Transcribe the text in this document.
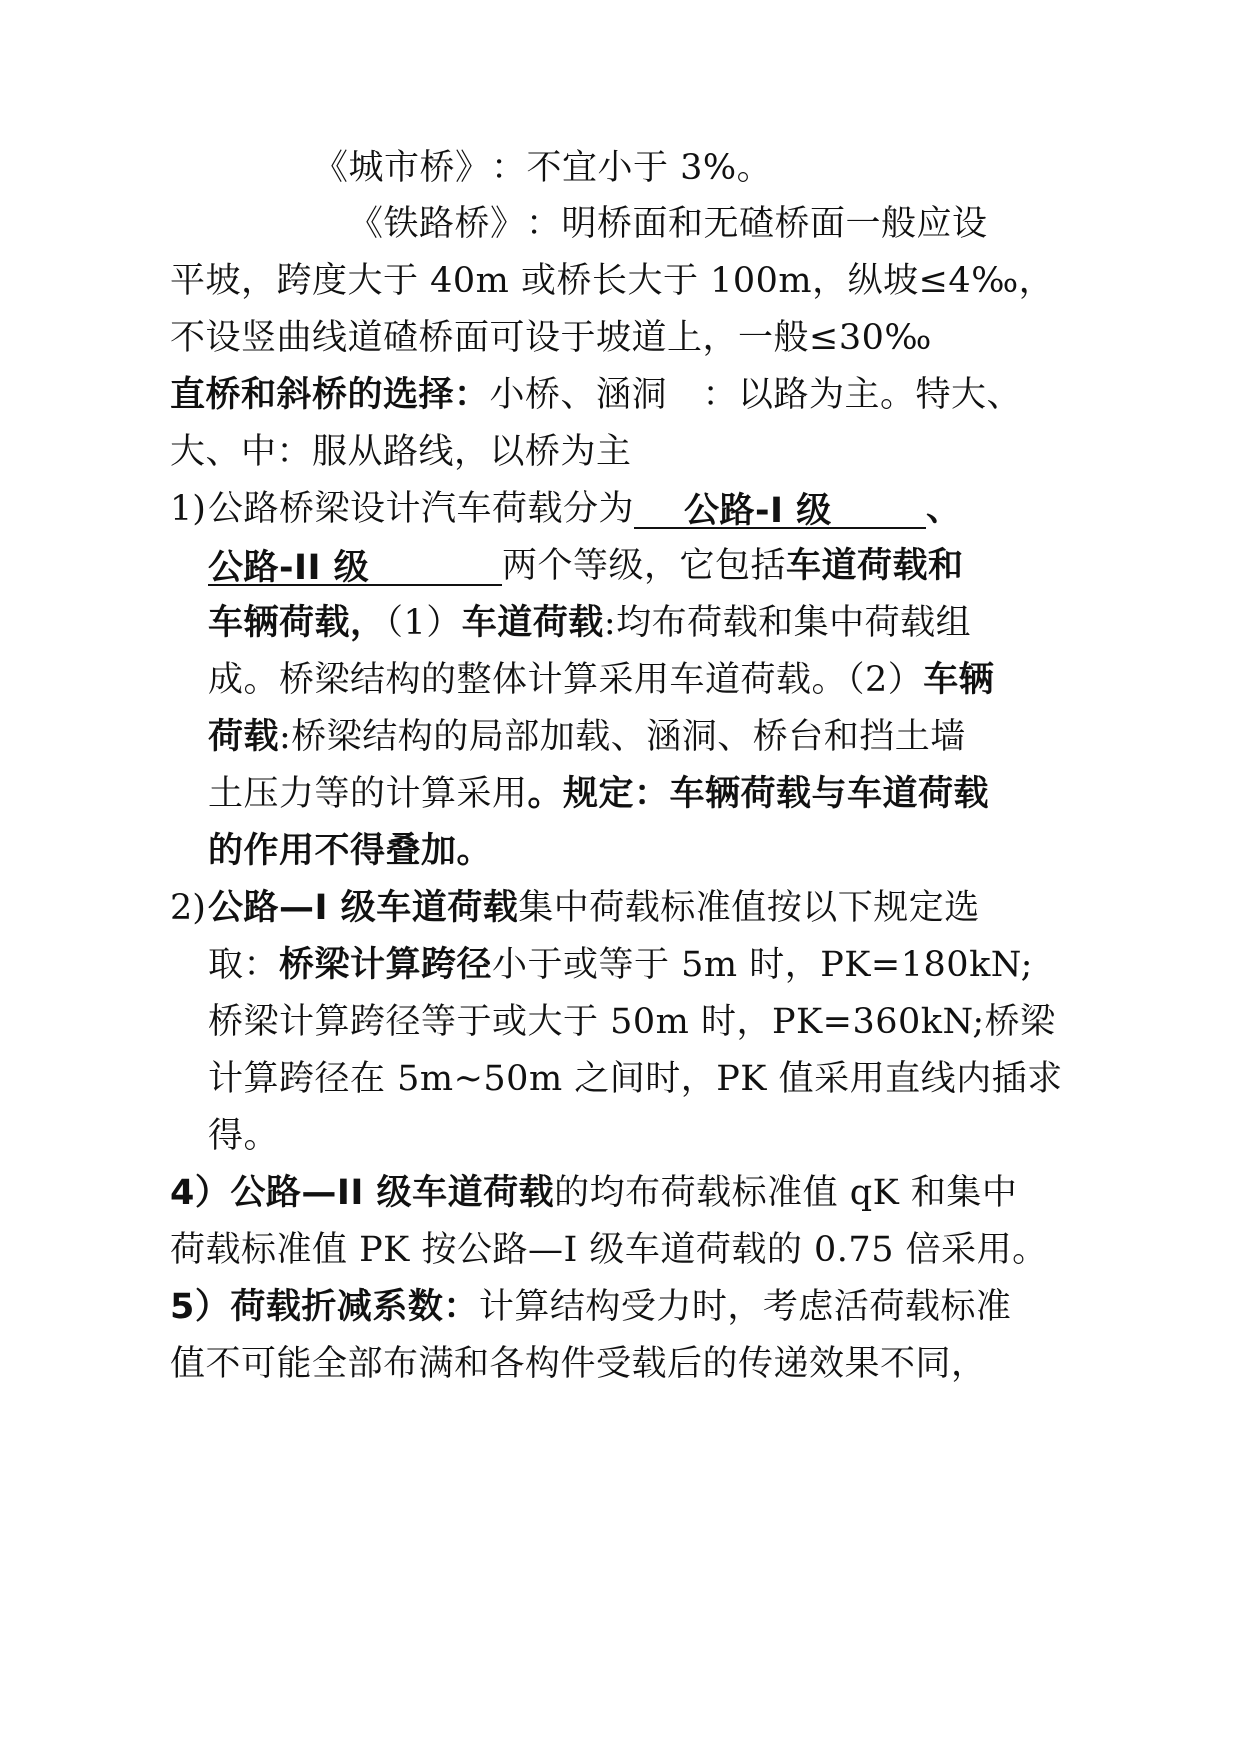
《城市桥》 ：不宜小于 3%。
《铁路桥》 ：明桥面和无碴桥面一般应设
平坡，跨度大于 40m 或桥长大于 100m，纵坡≤4‰，
不设竖曲线道碴桥面可设于坡道上，一般≤30‰
直桥和斜桥的选择：小桥、涵洞　：以路为主。特大、
大、中：服从路线，以桥为主
1) 公路桥梁设计汽车荷载分为 公路-I 级	、
公路-II 级	两个等级，它包括车道荷载和
车辆荷载，（1）车道荷载:均布荷载和集中荷载组
成。桥梁结构的整体计算采用车道荷载。（2）车辆
荷载:桥梁结构的局部加载、涵洞、桥台和挡土墙
土压力等的计算采用。规定：车辆荷载与车道荷载
的作用不得叠加。
2) 公路—I 级车道荷载集中荷载标准值按以下规定选
取：桥梁计算跨径小于或等于 5m 时，PK=180kN;
桥梁计算跨径等于或大于 50m 时，PK=360kN;桥梁
计算跨径在 5m~50m 之间时，PK 值采用直线内插求
得。
4）公路—II 级车道荷载的均布荷载标准值 qK 和集中
荷载标准值 PK 按公路—I 级车道荷载的 0.75 倍采用。
5）荷载折减系数：计算结构受力时，考虑活荷载标准
值不可能全部布满和各构件受载后的传递效果不同，
